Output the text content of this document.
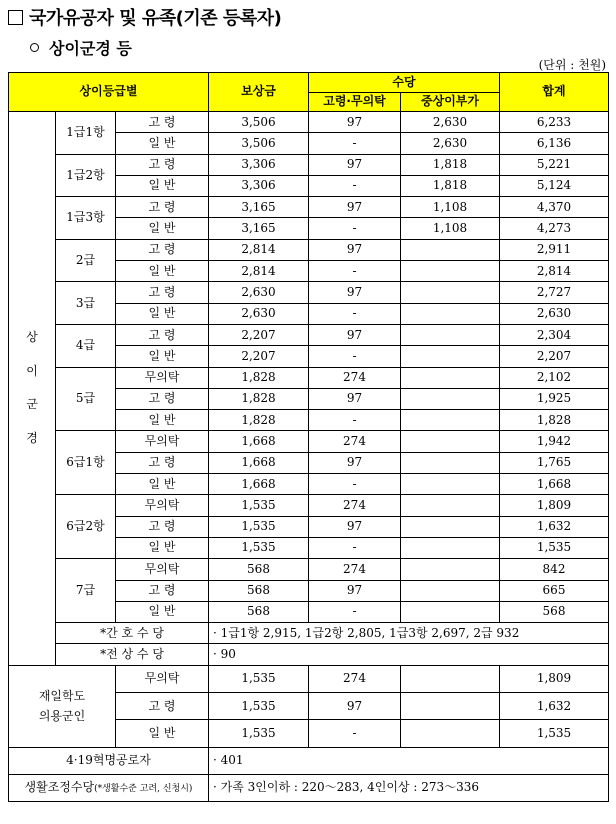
국가유공자 및 유족(기존 등록자)
상이군경 등
(단위 : 천원)
상이등급별			보상금	수당		합계
				고령·무의탁	중상이부가	

상
이
군
경	1급1항	고 령	3,506	97	2,630	6,233
		일 반	3,506	-	2,630	6,136
	1급2항	고 령	3,306	97	1,818	5,221
		일 반	3,306	-	1,818	5,124
	1급3항	고 령	3,165	97	1,108	4,370
		일 반	3,165	-	1,108	4,273
	2급	고 령	2,814	97		2,911
		일 반	2,814	-		2,814
	3급	고 령	2,630	97		2,727
		일 반	2,630	-		2,630
	4급	고 령	2,207	97		2,304
		일 반	2,207	-		2,207
	5급	무의탁	1,828	274		2,102
		고 령	1,828	97		1,925
		일 반	1,828	-		1,828
	6급1항	무의탁	1,668	274		1,942
		고 령	1,668	97		1,765
		일 반	1,668	-		1,668
	6급2항	무의탁	1,535	274		1,809
		고 령	1,535	97		1,632
		일 반	1,535	-		1,535
	7급	무의탁	568	274		842
		고 령	568	97		665
		일 반	568	-		568
	*간 호 수 당		· 1급1항 2,915, 1급2항 2,805, 1급3항 2,697, 2급 932			
	*전 상 수 당		· 90			

재일학도
의용군인		무의탁	1,535	274		1,809
		고 령	1,535	97		1,632
		일 반	1,535	-		1,535
4·19혁명공로자			· 401			
생활조정수당(*생활수준 고려, 신청시)			· 가족 3인이하 : 220～283, 4인이상 : 273～336			
